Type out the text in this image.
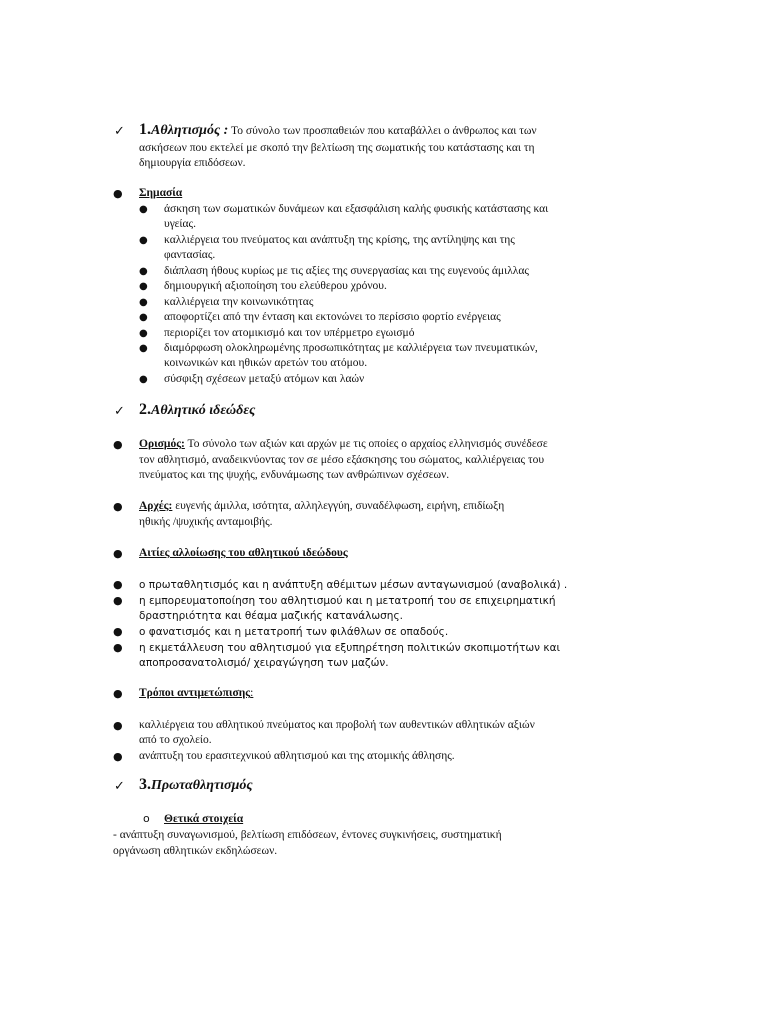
✓ 1.Αθλητισμός : Το σύνολο των προσπαθειών που καταβάλλει ο άνθρωπος και των
ασκήσεων που εκτελεί με σκοπό την βελτίωση της σωματικής του κατάστασης και τη
δημιουργία επιδόσεων.
● Σημασία
● άσκηση των σωματικών δυνάμεων και εξασφάλιση καλής φυσικής κατάστασης και
υγείας.
● καλλιέργεια του πνεύματος και ανάπτυξη της κρίσης, της αντίληψης και της
φαντασίας.
● διάπλαση ήθους κυρίως με τις αξίες της συνεργασίας και της ευγενούς άμιλλας
● δημιουργική αξιοποίηση του ελεύθερου χρόνου.
● καλλιέργεια την κοινωνικότητας
● αποφορτίζει από την ένταση και εκτονώνει το περίσσιο φορτίο ενέργειας
● περιορίζει τον ατομικισμό και τον υπέρμετρο εγωισμό
● διαμόρφωση ολοκληρωμένης προσωπικότητας με καλλιέργεια των πνευματικών,
κοινωνικών και ηθικών αρετών του ατόμου.
● σύσφιξη σχέσεων μεταξύ ατόμων και λαών
✓ 2.Αθλητικό ιδεώδες
● Ορισμός: Το σύνολο των αξιών και αρχών με τις οποίες ο αρχαίος ελληνισμός συνέδεσε
τον αθλητισμό, αναδεικνύοντας τον σε μέσο εξάσκησης του σώματος, καλλιέργειας του
πνεύματος και της ψυχής, ενδυνάμωσης των ανθρώπινων σχέσεων.
● Αρχές: ευγενής άμιλλα, ισότητα, αλληλεγγύη, συναδέλφωση, ειρήνη, επιδίωξη
ηθικής /ψυχικής ανταμοιβής.
● Αιτίες αλλοίωσης του αθλητικού ιδεώδους
● ο πρωταθλητισμός και η ανάπτυξη αθέμιτων μέσων ανταγωνισμού (αναβολικά) .
● η εμπορευματοποίηση του αθλητισμού και η μετατροπή του σε επιχειρηματική
δραστηριότητα και θέαμα μαζικής κατανάλωσης.
● ο φανατισμός και η μετατροπή των φιλάθλων σε οπαδούς.
● η εκμετάλλευση του αθλητισμού για εξυπηρέτηση πολιτικών σκοπιμοτήτων και
αποπροσανατολισμό/ χειραγώγηση των μαζών.
● Τρόποι αντιμετώπισης:
● καλλιέργεια του αθλητικού πνεύματος και προβολή των αυθεντικών αθλητικών αξιών
από το σχολείο.
● ανάπτυξη του ερασιτεχνικού αθλητισμού και της ατομικής άθλησης.
✓ 3.Πρωταθλητισμός
o Θετικά στοιχεία
- ανάπτυξη συναγωνισμού, βελτίωση επιδόσεων, έντονες συγκινήσεις, συστηματική
οργάνωση αθλητικών εκδηλώσεων.
